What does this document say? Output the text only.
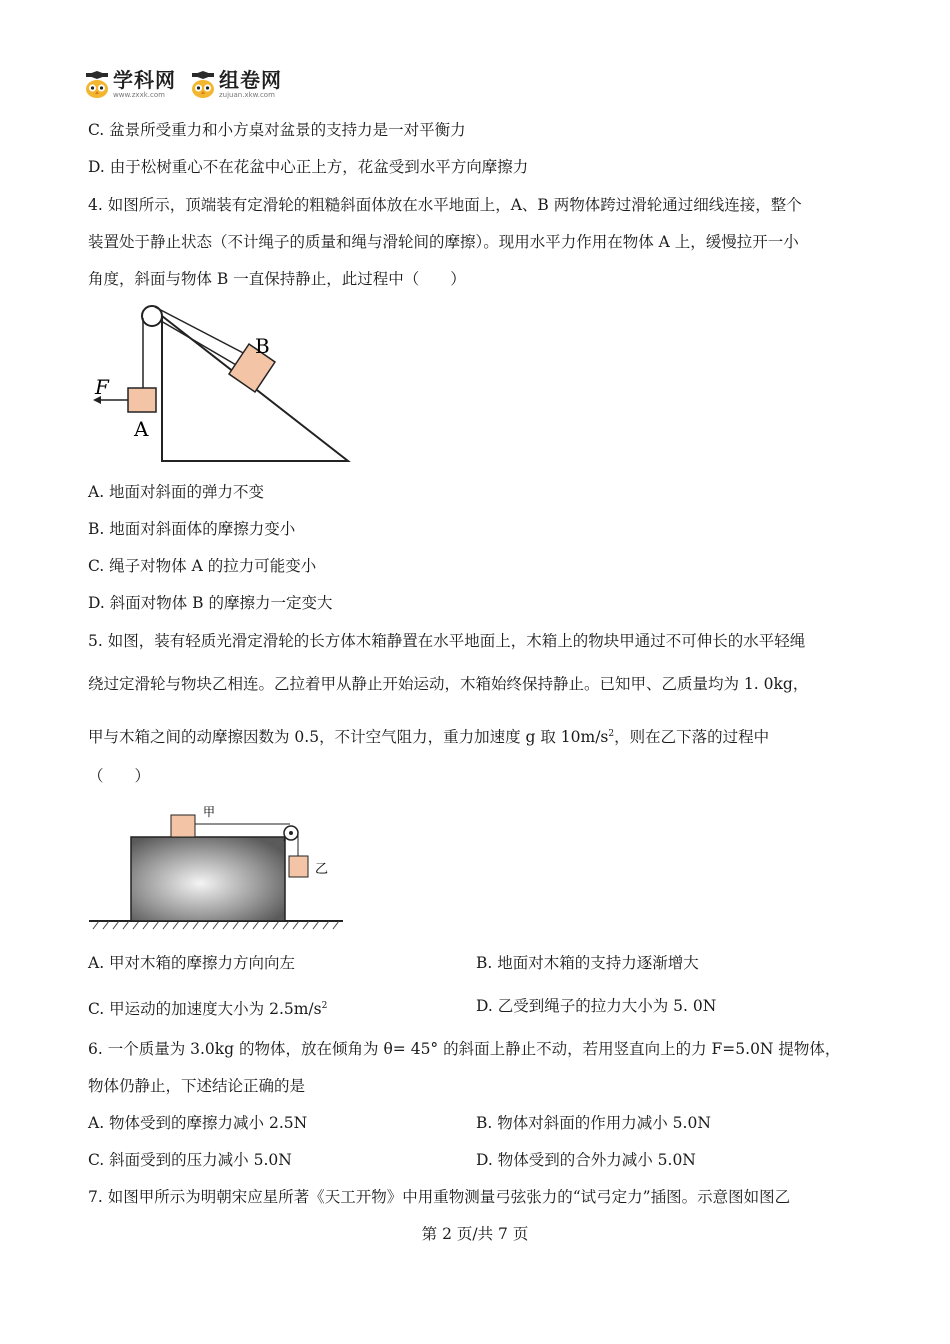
学科网
www.zxxk.com
组卷网
zujuan.xkw.com
C. 盆景所受重力和小方桌对盆景的支持力是一对平衡力
D. 由于松树重心不在花盆中心正上方，花盆受到水平方向摩擦力
4. 如图所示，顶端装有定滑轮的粗糙斜面体放在水平地面上，A、B 两物体跨过滑轮通过细线连接，整个
装置处于静止状态（不计绳子的质量和绳与滑轮间的摩擦）。现用水平力作用在物体 A 上，缓慢拉开一小
角度，斜面与物体 B 一直保持静止，此过程中（　　）
F
A
B
A. 地面对斜面的弹力不变
B. 地面对斜面体的摩擦力变小
C. 绳子对物体 A 的拉力可能变小
D. 斜面对物体 B 的摩擦力一定变大
5. 如图，装有轻质光滑定滑轮的长方体木箱静置在水平地面上，木箱上的物块甲通过不可伸长的水平轻绳
绕过定滑轮与物块乙相连。乙拉着甲从静止开始运动，木箱始终保持静止。已知甲、乙质量均为 1. 0kg，
甲与木箱之间的动摩擦因数为 0.5，不计空气阻力，重力加速度 g 取 $10m/s^2$，则在乙下落的过程中
（　　）
甲
乙
A. 甲对木箱的摩擦力方向向左	B. 地面对木箱的支持力逐渐增大
C. 甲运动的加速度大小为 $2.5m/s^2$	D. 乙受到绳子的拉力大小为 5. 0N
6. 一个质量为 3.0kg 的物体，放在倾角为 θ= 45° 的斜面上静止不动，若用竖直向上的力 F=5.0N 提物体，
物体仍静止，下述结论正确的是
A. 物体受到的摩擦力减小 2.5N	B. 物体对斜面的作用力减小 5.0N
C. 斜面受到的压力减小 5.0N	D. 物体受到的合外力减小 5.0N
7. 如图甲所示为明朝宋应星所著《天工开物》中用重物测量弓弦张力的“试弓定力”插图。示意图如图乙
第 2 页/共 7 页
